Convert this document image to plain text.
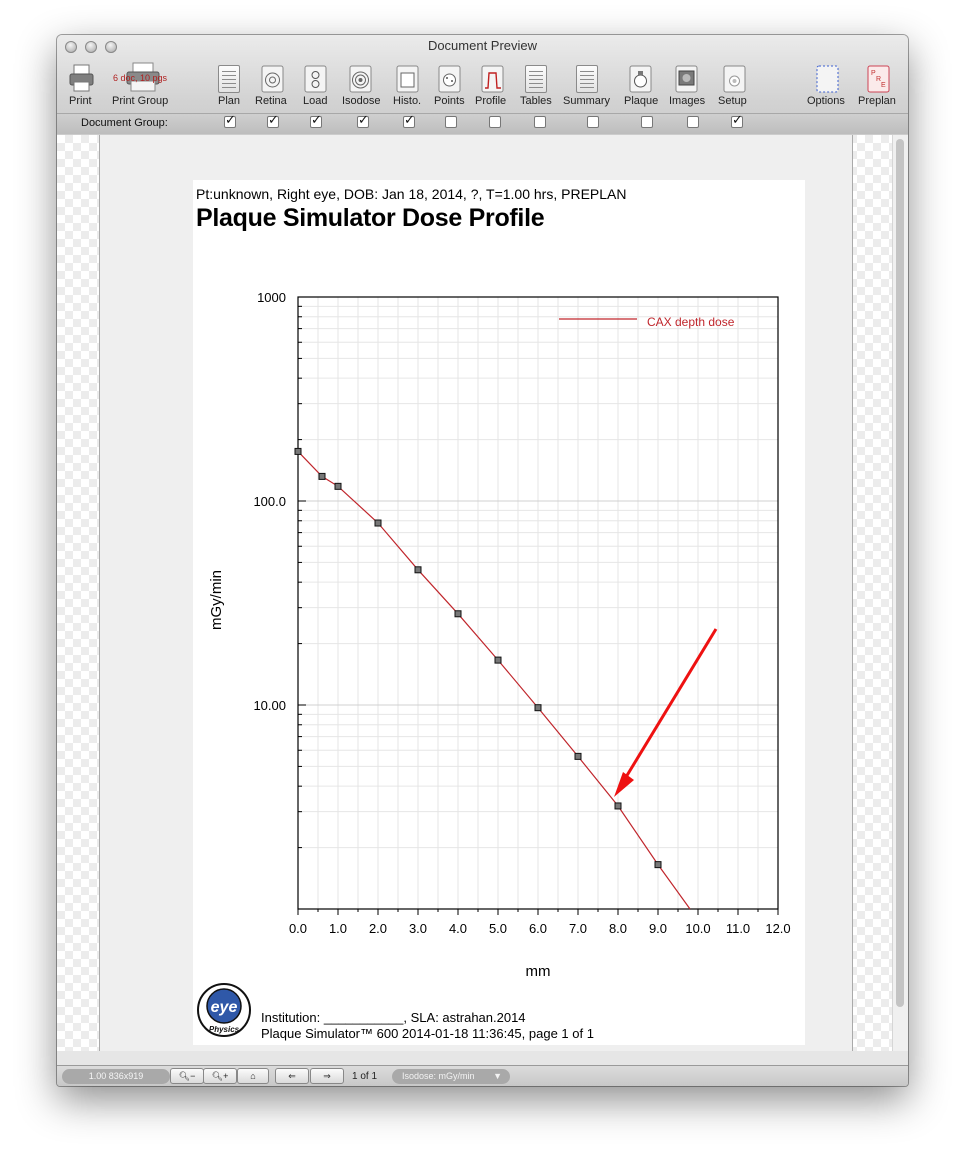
Document Preview
Print
6 doc, 10 pgs
Print Group	Plan Retina Load Isodose Histo. Points Profile Tables Summary Plaque Images Setup	Options
P
R
E
Preplan
Document Group:
✓
✓
✓
✓
✓
✓
Pt:unknown, Right eye, DOB: Jan 18, 2014, ?, T=1.00 hrs, PREPLAN
Plaque Simulator Dose Profile
0.0 1.0 2.0 3.0 4.0 5.0 6.0 7.0 8.0 9.0 10.0 11.0 12.0
1000
100.0
10.00
mm
mGy/min
CAX depth dose
eye
Physics
Institution: ___________, SLA: astrahan.2014
Plaque Simulator™ 600 2014-01-18 11:36:45, page 1 of 1
1.00 836x919	🔍︎−	🔍︎+	⌂	⇐	⇒	1 of 1	Isodose: mGy/min ▼
